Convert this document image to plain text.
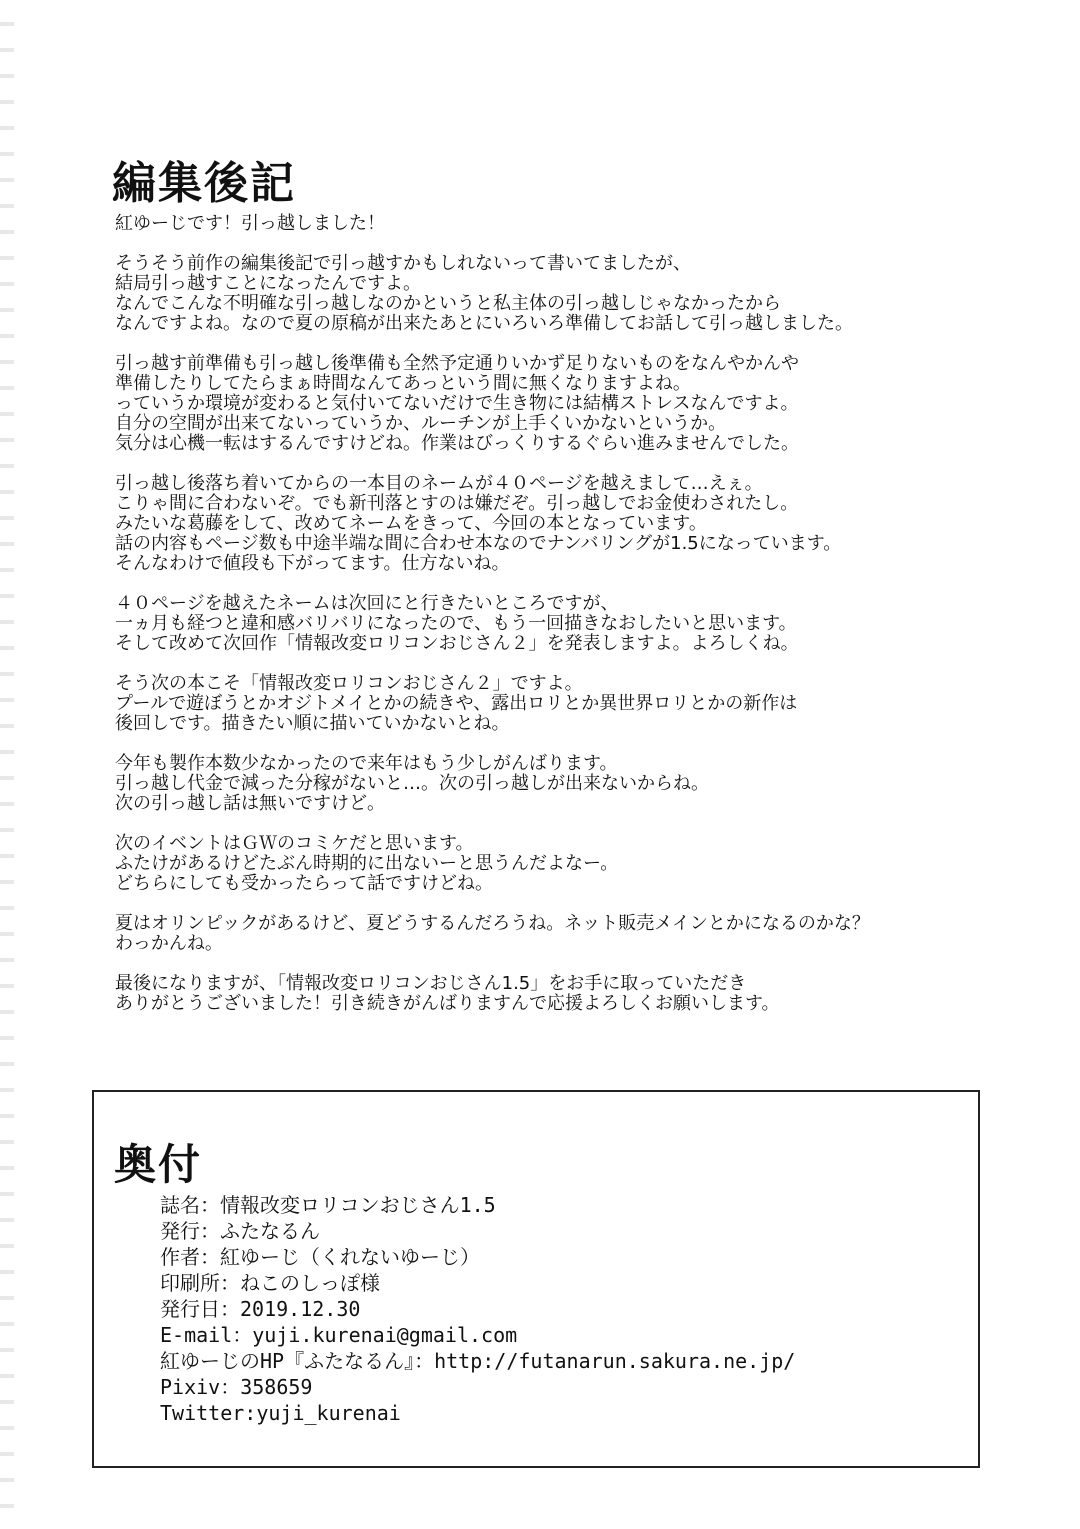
編集後記
紅ゆーじです！引っ越しました！
そうそう前作の編集後記で引っ越すかもしれないって書いてましたが、
結局引っ越すことになったんですよ。
なんでこんな不明確な引っ越しなのかというと私主体の引っ越しじゃなかったから
なんですよね。なので夏の原稿が出来たあとにいろいろ準備してお話して引っ越しました。
引っ越す前準備も引っ越し後準備も全然予定通りいかず足りないものをなんやかんや
準備したりしてたらまぁ時間なんてあっという間に無くなりますよね。
っていうか環境が変わると気付いてないだけで生き物には結構ストレスなんですよ。
自分の空間が出来てないっていうか、ルーチンが上手くいかないというか。
気分は心機一転はするんですけどね。作業はびっくりするぐらい進みませんでした。
引っ越し後落ち着いてからの一本目のネームが４０ページを越えまして…えぇ。
こりゃ間に合わないぞ。でも新刊落とすのは嫌だぞ。引っ越しでお金使わされたし。
みたいな葛藤をして、改めてネームをきって、今回の本となっています。
話の内容もページ数も中途半端な間に合わせ本なのでナンバリングが1.5になっています。
そんなわけで値段も下がってます。仕方ないね。
４０ページを越えたネームは次回にと行きたいところですが、
一ヵ月も経つと違和感バリバリになったので、もう一回描きなおしたいと思います。
そして改めて次回作「情報改変ロリコンおじさん２」を発表しますよ。よろしくね。
そう次の本こそ「情報改変ロリコンおじさん２」ですよ。
プールで遊ぼうとかオジトメイとかの続きや、露出ロリとか異世界ロリとかの新作は
後回しです。描きたい順に描いていかないとね。
今年も製作本数少なかったので来年はもう少しがんばります。
引っ越し代金で減った分稼がないと…。次の引っ越しが出来ないからね。
次の引っ越し話は無いですけど。
次のイベントはＧＷのコミケだと思います。
ふたけがあるけどたぶん時期的に出ないーと思うんだよなー。
どちらにしても受かったらって話ですけどね。
夏はオリンピックがあるけど、夏どうするんだろうね。ネット販売メインとかになるのかな？
わっかんね。
最後になりますが、「情報改変ロリコンおじさん1.5」をお手に取っていただき
ありがとうございました！引き続きがんばりますんで応援よろしくお願いします。
奥付
誌名：情報改変ロリコンおじさん1.5
発行：ふたなるん
作者：紅ゆーじ（くれないゆーじ）
印刷所：ねこのしっぽ様
発行日：2019.12.30
E-mail：yuji.kurenai@gmail.com
紅ゆーじのHP『ふたなるん』：http://futanarun.sakura.ne.jp/
Pixiv：358659
Twitter:yuji_kurenai
